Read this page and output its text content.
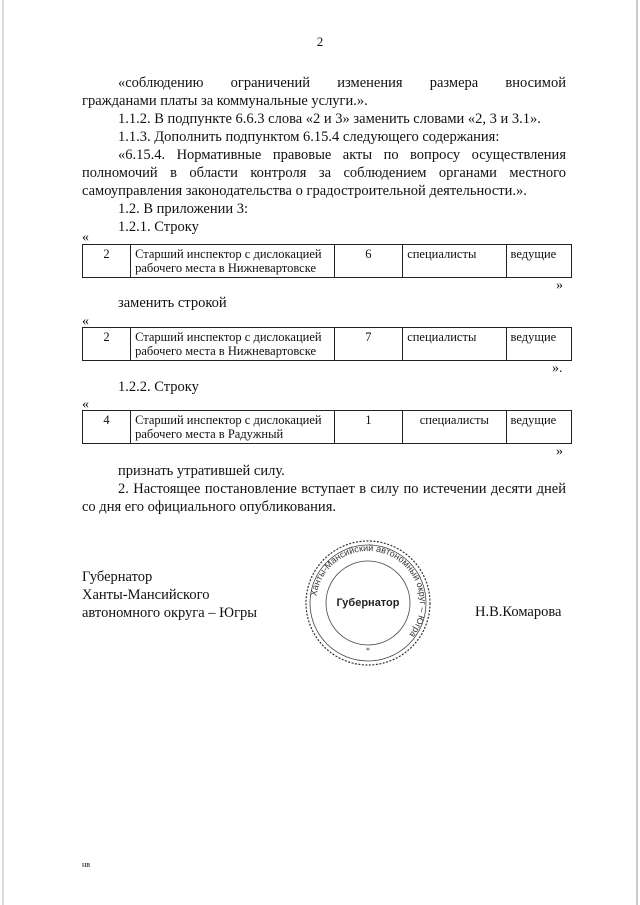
2
«соблюдению ограничений изменения размера вносимой
гражданами платы за коммунальные услуги.».
1.1.2. В подпункте 6.6.3 слова «2 и 3» заменить словами «2, 3 и 3.1».
1.1.3. Дополнить подпунктом 6.15.4 следующего содержания:
«6.15.4. Нормативные правовые акты по вопросу осуществления полномочий в области контроля за соблюдением органами местного самоуправления законодательства о градостроительной деятельности.».
1.2. В приложении 3:
1.2.1. Строку
«
2	Старший инспектор с дислокацией рабочего места в Нижневартовске	6	специалисты	ведущие
»
заменить строкой
«
2	Старший инспектор с дислокацией рабочего места в Нижневартовске	7	специалисты	ведущие
».
1.2.2. Строку
«
4	Старший инспектор с дислокацией рабочего места в Радужный	1	специалисты	ведущие
»
признать утратившей силу.
2. Настоящее постановление вступает в силу по истечении десяти дней со дня его официального опубликования.
Губернатор
Ханты-Мансийского
автономного округа – Югры
Ханты-Мансийский автономный округ – Югра
Губернатор
*
Н.В.Комарова
нв
